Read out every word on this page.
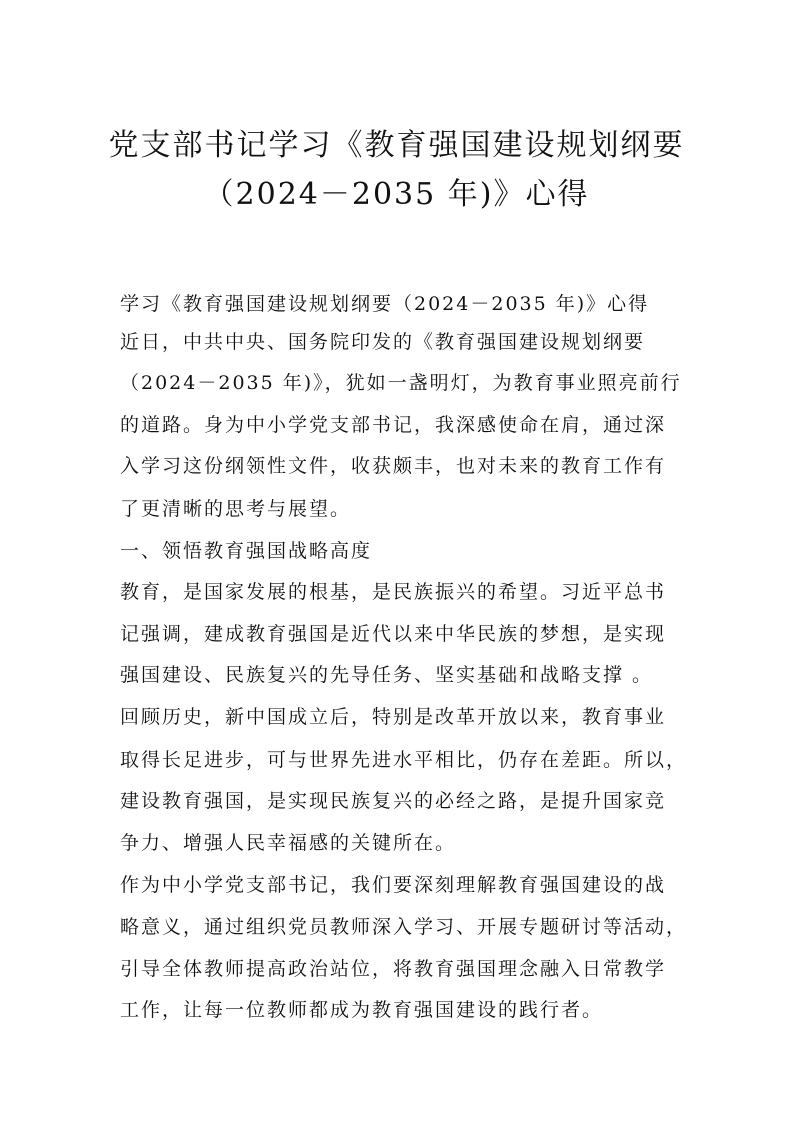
党支部书记学习《教育强国建设规划纲要
（2024－2035 年)》心得
学习《教育强国建设规划纲要（2024－2035 年)》心得
近日，中共中央、国务院印发的《教育强国建设规划纲要
（2024－2035 年)》，犹如一盏明灯，为教育事业照亮前行
的道路。身为中小学党支部书记，我深感使命在肩，通过深
入学习这份纲领性文件，收获颇丰，也对未来的教育工作有
了更清晰的思考与展望。
一、领悟教育强国战略高度
教育，是国家发展的根基，是民族振兴的希望。习近平总书
记强调，建成教育强国是近代以来中华民族的梦想，是实现
强国建设、民族复兴的先导任务、坚实基础和战略支撑 。
回顾历史，新中国成立后，特别是改革开放以来，教育事业
取得长足进步，可与世界先进水平相比，仍存在差距。所以，
建设教育强国，是实现民族复兴的必经之路，是提升国家竞
争力、增强人民幸福感的关键所在。
作为中小学党支部书记，我们要深刻理解教育强国建设的战
略意义，通过组织党员教师深入学习、开展专题研讨等活动，
引导全体教师提高政治站位，将教育强国理念融入日常教学
工作，让每一位教师都成为教育强国建设的践行者。
